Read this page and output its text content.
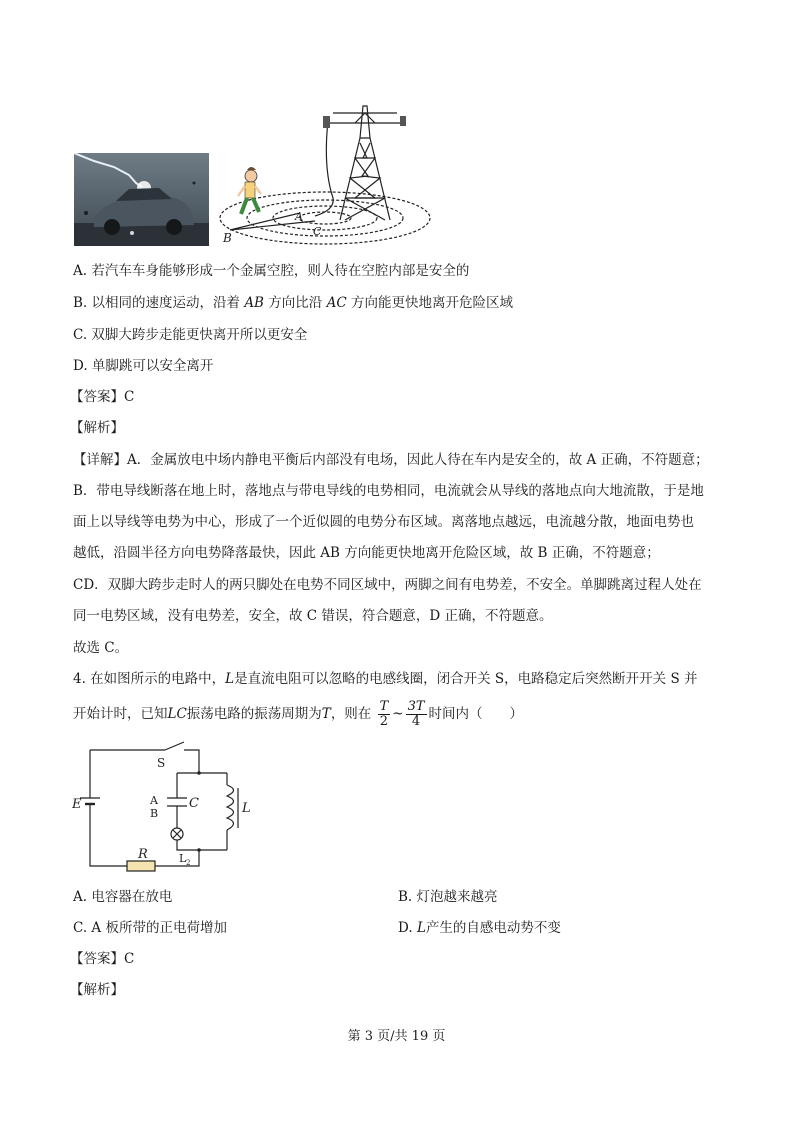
B
A
C
A. 若汽车车身能够形成一个金属空腔，则人待在空腔内部是安全的
B. 以相同的速度运动，沿着 AB 方向比沿 AC 方向能更快地离开危险区域
C. 双脚大跨步走能更快离开所以更安全
D. 单脚跳可以安全离开
【答案】C
【解析】
【详解】A．金属放电中场内静电平衡后内部没有电场，因此人待在车内是安全的，故 A 正确，不符题意；
B．带电导线断落在地上时，落地点与带电导线的电势相同，电流就会从导线的落地点向大地流散，于是地
面上以导线等电势为中心，形成了一个近似圆的电势分布区域。离落地点越远，电流越分散，地面电势也
越低，沿圆半径方向电势降落最快，因此 AB 方向能更快地离开危险区域，故 B 正确，不符题意；
CD．双脚大跨步走时人的两只脚处在电势不同区域中，两脚之间有电势差，不安全。单脚跳离过程人处在
同一电势区域，没有电势差，安全，故 C 错误，符合题意，D 正确，不符题意。
故选 C。
4. 在如图所示的电路中，L是直流电阻可以忽略的电感线圈，闭合开关 S，电路稳定后突然断开开关 S 并
开始计时，已知LC振荡电路的振荡周期为T，则在 $\frac{T}{2}$ ~ $\frac{3T}{4}$ 时间内（　　）
S
E	A
B
C	L
R	L 2
A. 电容器在放电	B. 灯泡越来越亮
C. A 板所带的正电荷增加	D. L产生的自感电动势不变
【答案】C
【解析】
第 3 页/共 19 页
